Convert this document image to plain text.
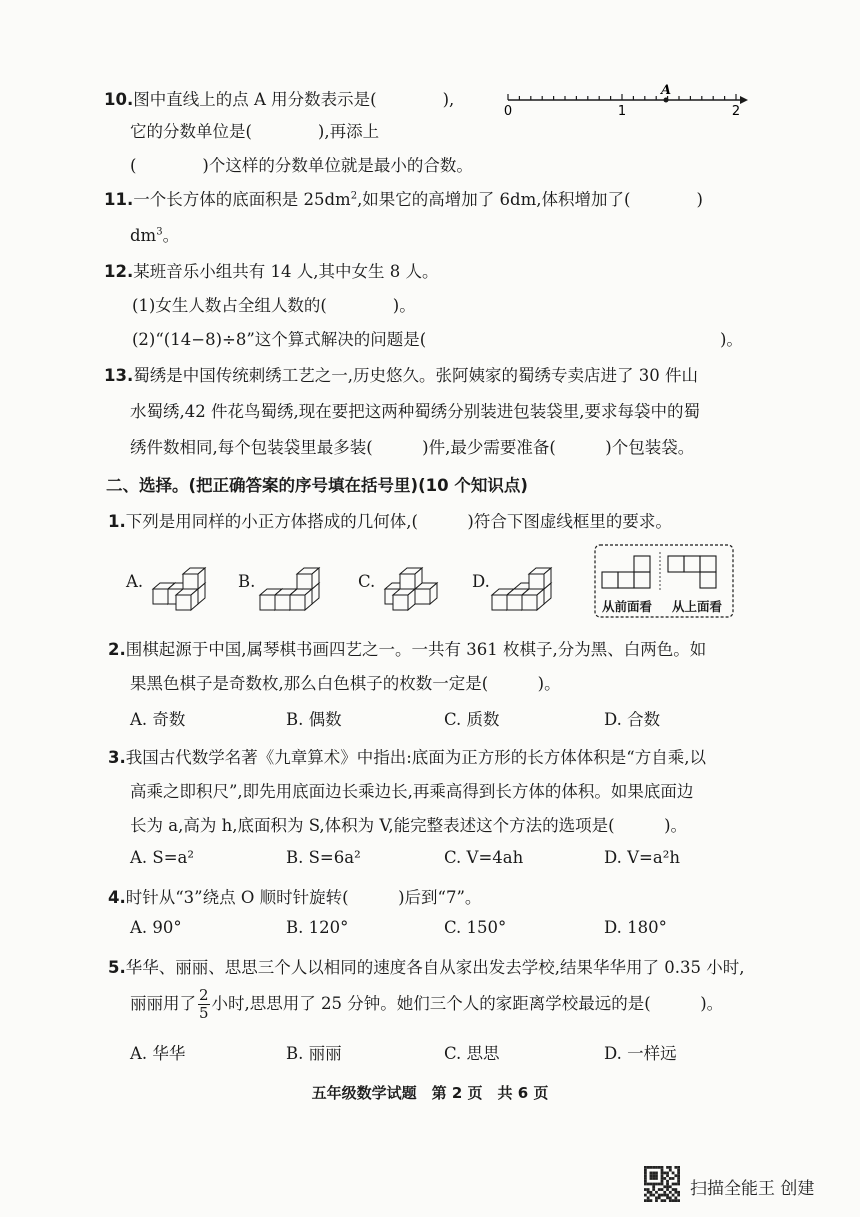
10.图中直线上的点 A 用分数表示是(　　　　),	A
0	1	2
它的分数单位是(　　　　),再添上
(　　　　)个这样的分数单位就是最小的合数。
11.一个长方体的底面积是 $25dm^2$,如果它的高增加了 6dm,体积增加了(　　　　)
$dm^3$。
12.某班音乐小组共有 14 人,其中女生 8 人。
(1)女生人数占全组人数的(　　　　)。
(2)“(14−8)÷8”这个算式解决的问题是(	)。
13.蜀绣是中国传统刺绣工艺之一,历史悠久。张阿姨家的蜀绣专卖店进了 30 件山
水蜀绣,42 件花鸟蜀绣,现在要把这两种蜀绣分别装进包装袋里,要求每袋中的蜀
绣件数相同,每个包装袋里最多装(　　　)件,最少需要准备(　　　)个包装袋。
二、选择。(把正确答案的序号填在括号里)(10 个知识点)
1.下列是用同样的小正方体搭成的几何体,(　　　)符合下图虚线框里的要求。
A.	B.	C.	D.
从前面看 从上面看
2.围棋起源于中国,属琴棋书画四艺之一。一共有 361 枚棋子,分为黑、白两色。如
果黑色棋子是奇数枚,那么白色棋子的枚数一定是(　　　)。
A. 奇数	B. 偶数	C. 质数	D. 合数
3.我国古代数学名著《九章算术》中指出:底面为正方形的长方体体积是“方自乘,以
高乘之即积尺”,即先用底面边长乘边长,再乘高得到长方体的体积。如果底面边
长为 a,高为 h,底面积为 S,体积为 V,能完整表述这个方法的选项是(　　　)。
A. S=a²	B. S=6a²	C. V=4ah	D. V=a²h
4.时针从“3”绕点 O 顺时针旋转(　　　)后到“7”。
A. 90°	B. 120°	C. 150°	D. 180°
5.华华、丽丽、思思三个人以相同的速度各自从家出发去学校,结果华华用了 0.35 小时,
丽丽用了 $\frac{2}{5}$ 小时,思思用了 25 分钟。她们三个人的家距离学校最远的是(　　　)。
A. 华华	B. 丽丽	C. 思思	D. 一样远
五年级数学试题　第 2 页　共 6 页
扫描全能王 创建
